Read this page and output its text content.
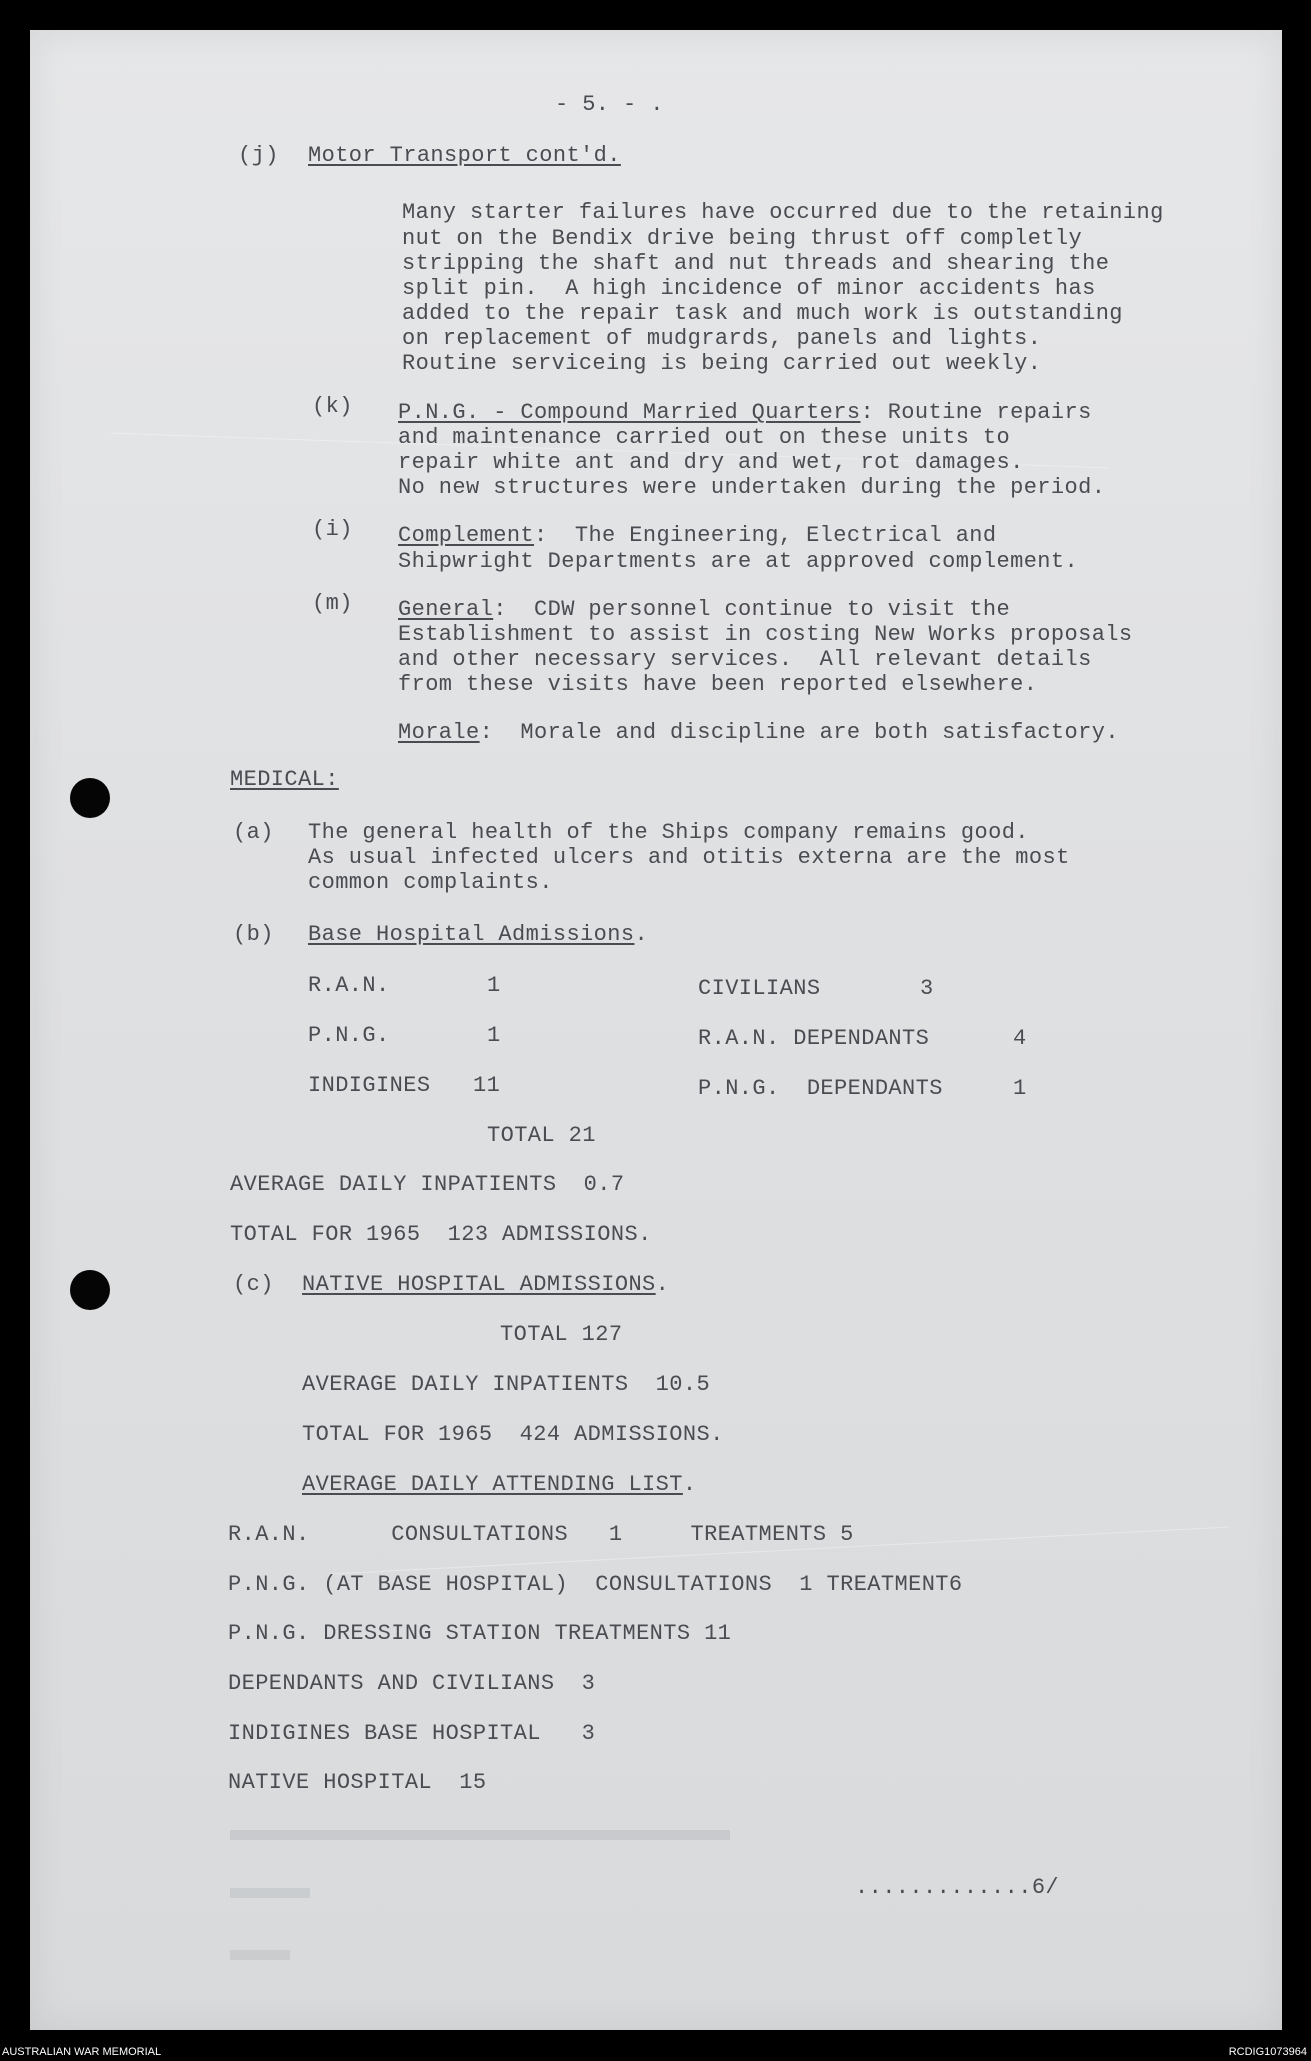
- 5. - .
(j) Motor Transport cont'd.
Many starter failures have occurred due to the retaining
nut on the Bendix drive being thrust off completly
stripping the shaft and nut threads and shearing the
split pin.  A high incidence of minor accidents has
added to the repair task and much work is outstanding
on replacement of mudgrards, panels and lights.
Routine serviceing is being carried out weekly.
(k) P.N.G. - Compound Married Quarters: Routine repairs
and maintenance carried out on these units to
repair white ant and dry and wet, rot damages.
No new structures were undertaken during the period.
(i) Complement:  The Engineering, Electrical and
Shipwright Departments are at approved complement.
(m) General:  CDW personnel continue to visit the
Establishment to assist in costing New Works proposals
and other necessary services.  All relevant details
from these visits have been reported elsewhere.
Morale:  Morale and discipline are both satisfactory.
MEDICAL:
(a) The general health of the Ships company remains good.
As usual infected ulcers and otitis externa are the most
common complaints.
(b) Base Hospital Admissions.
R.A.N.	1	CIVILIANS	3
P.N.G.	1	R.A.N. DEPENDANTS	4
INDIGINES 11	P.N.G.  DEPENDANTS	1
TOTAL 21
AVERAGE DAILY INPATIENTS  0.7
TOTAL FOR 1965  123 ADMISSIONS.
(c) NATIVE HOSPITAL ADMISSIONS.
TOTAL 127
AVERAGE DAILY INPATIENTS  10.5
TOTAL FOR 1965  424 ADMISSIONS.
AVERAGE DAILY ATTENDING LIST.
R.A.N.      CONSULTATIONS   1     TREATMENTS 5
P.N.G. (AT BASE HOSPITAL)  CONSULTATIONS  1 TREATMENT6
P.N.G. DRESSING STATION TREATMENTS 11
DEPENDANTS AND CIVILIANS  3
INDIGINES BASE HOSPITAL   3
NATIVE HOSPITAL  15
.............6/
AUSTRALIAN WAR MEMORIAL	RCDIG1073964
